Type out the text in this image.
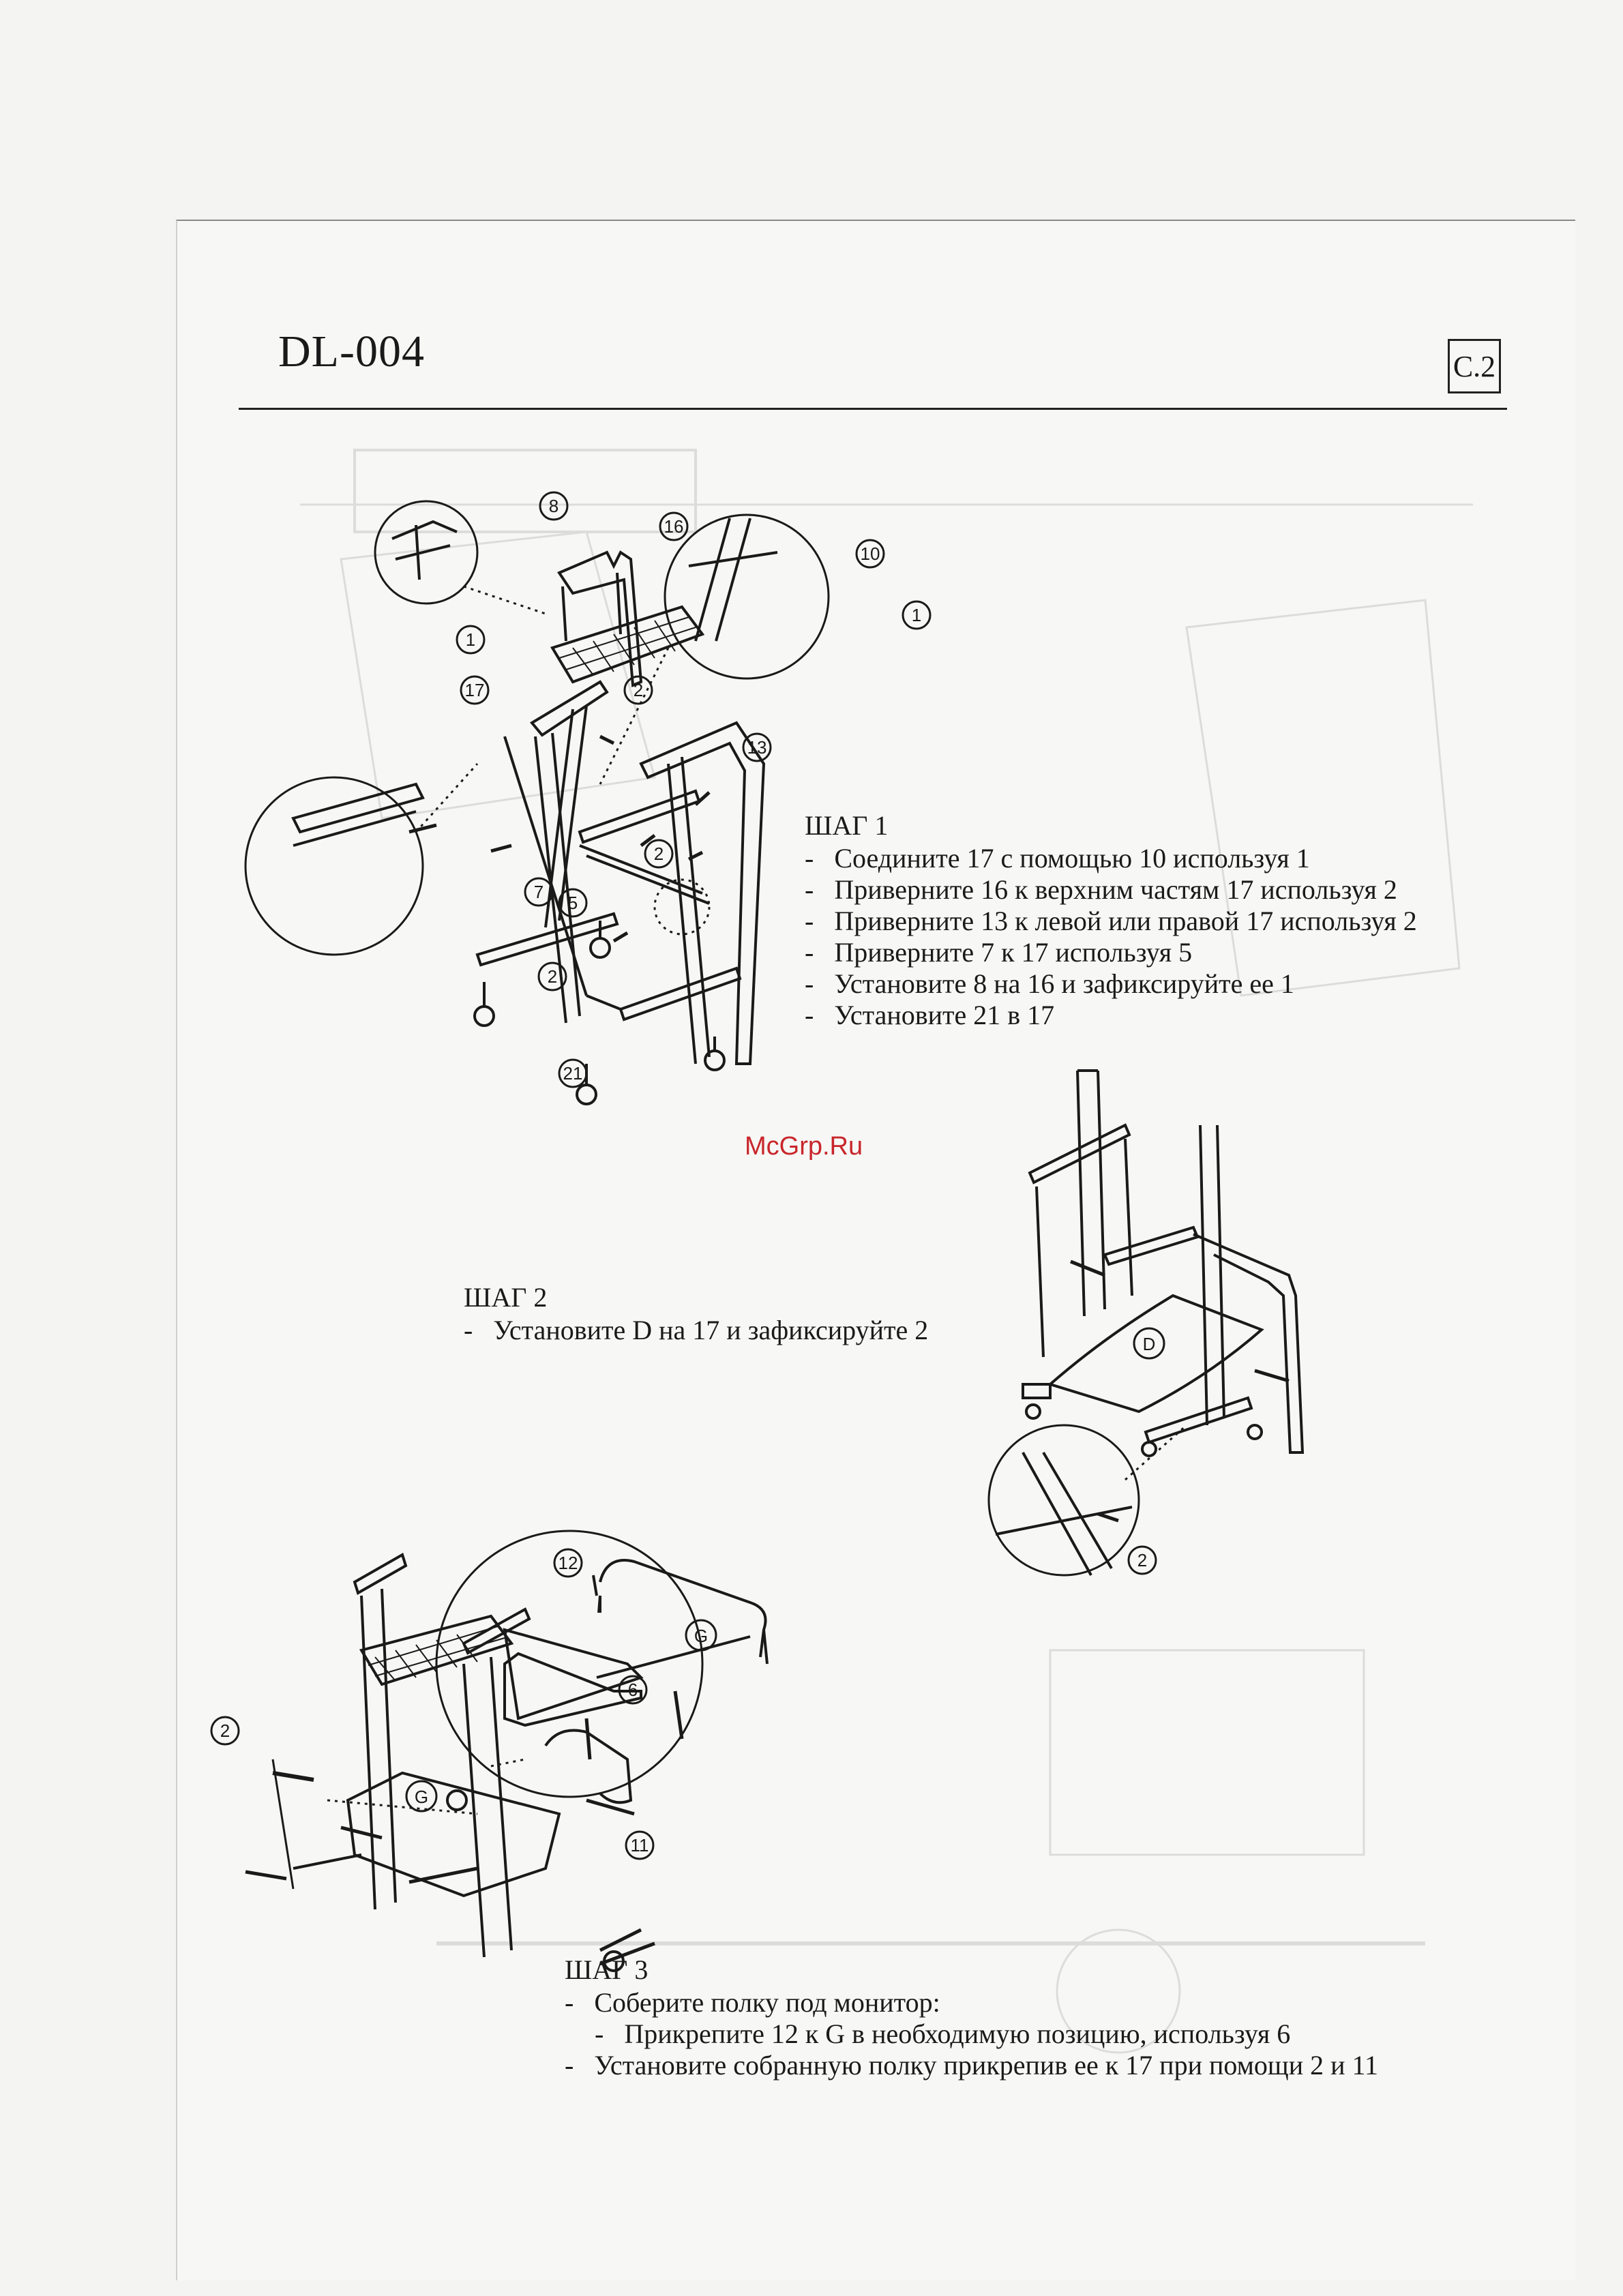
DL-004	C.2
8
16
1
17	2
10
1
13
7
5
2
2
21
ШАГ 1
-   Соедините 17 с помощью 10 используя 1
-   Приверните 16 к верхним частям 17 используя 2
-   Приверните 13 к левой или правой 17 используя 2
-   Приверните 7 к 17 используя 5
-   Установите 8 на 16 и зафиксируйте ее 1
-   Установите 21 в 17
McGrp.Ru
D
2
ШАГ 2
-   Установите D на 17 и зафиксируйте 2
12
G
6
2
G
11
ШАГ 3
-   Соберите полку под монитор:
-   Прикрепите 12 к G в необходимую позицию, используя 6
-   Установите собранную полку прикрепив ее к 17 при помощи 2 и 11
